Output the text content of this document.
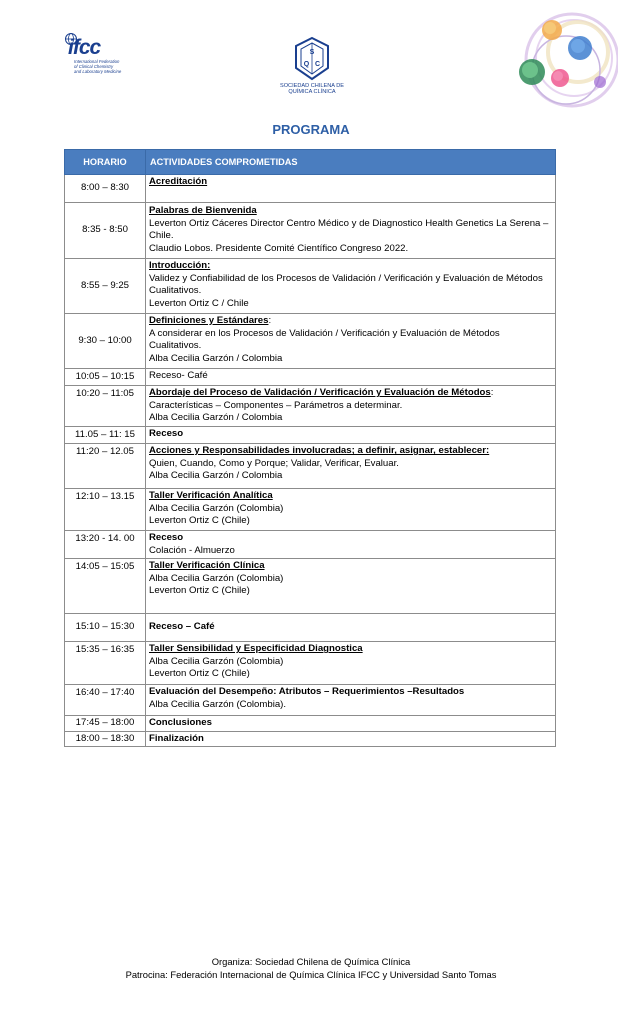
ifcc
International Federation
of Clinical Chemistry
and Laboratory Medicine
S
Q C
SOCIEDAD CHILENA DE
QUÍMICA CLÍNICA
PROGRAMA
HORARIO	ACTIVIDADES COMPROMETIDAS
8:00 – 8:30	Acreditación

8:35 - 8:50	Palabras de Bienvenida
Leverton Ortiz Cáceres Director Centro Médico y de Diagnostico Health Genetics La Serena – Chile.
Claudio Lobos. Presidente Comité Científico Congreso 2022.

8:55 – 9:25	Introducción:
Validez y Confiabilidad de los Procesos de Validación / Verificación y Evaluación de Métodos Cualitativos.
Leverton Ortiz C / Chile

9:30 – 10:00	Definiciones y Estándares:
A considerar en los Procesos de Validación / Verificación y Evaluación de Métodos Cualitativos.
Alba Cecilia Garzón / Colombia

10:05 – 10:15	Receso- Café
10:20 – 11:05	Abordaje del Proceso de Validación / Verificación y Evaluación de Métodos:
Características – Componentes – Parámetros a determinar.
Alba Cecilia Garzón / Colombia

11.05 – 11: 15	Receso

11:20 – 12.05	Acciones y Responsabilidades involucradas; a definir, asignar, establecer:
Quien, Cuando, Como y Porque; Validar, Verificar, Evaluar.
Alba Cecilia Garzón / Colombia

12:10 – 13.15	Taller Verificación Analítica
Alba Cecilia Garzón (Colombia)
Leverton Ortiz C (Chile)

13:20 - 14. 00	Receso
Colación - Almuerzo

14:05 – 15:05	Taller Verificación Clínica
Alba Cecilia Garzón (Colombia)
Leverton Ortiz C (Chile)

15:10 – 15:30	Receso – Café

15:35 – 16:35	Taller Sensibilidad y Especificidad Diagnostica
Alba Cecilia Garzón (Colombia)
Leverton Ortiz C (Chile)

16:40 – 17:40	Evaluación del Desempeño: Atributos – Requerimientos –Resultados
Alba Cecilia Garzón (Colombia).

17:45 – 18:00	Conclusiones

18:00 – 18:30	Finalización
Organiza: Sociedad Chilena de Química Clínica
Patrocina: Federación Internacional de Química Clínica IFCC y Universidad Santo Tomas
